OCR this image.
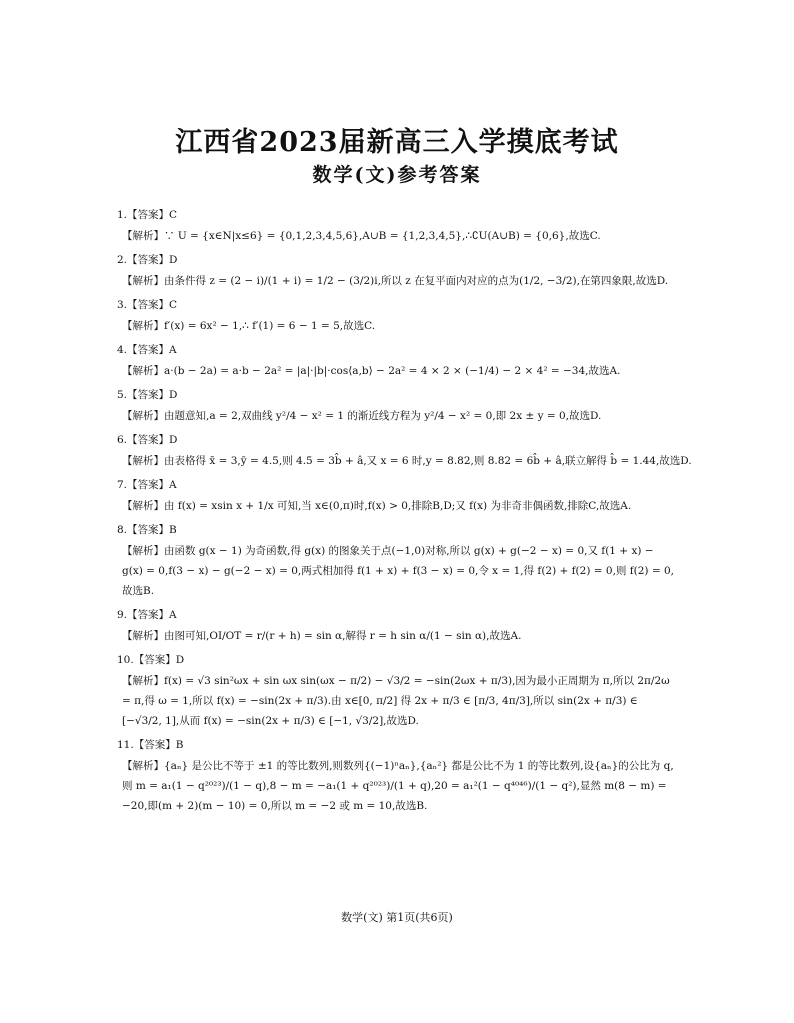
江西省2023届新高三入学摸底考试
数学(文)参考答案
1.【答案】C
【解析】∵ U = {x∈N|x≤6} = {0,1,2,3,4,5,6},A∪B = {1,2,3,4,5},∴∁U(A∪B) = {0,6},故选C.
2.【答案】D
【解析】由条件得 z = (2 − i)/(1 + i) = 1/2 − (3/2)i,所以 z 在复平面内对应的点为(1/2, −3/2),在第四象限,故选D.
3.【答案】C
【解析】f′(x) = 6x² − 1,∴ f′(1) = 6 − 1 = 5,故选C.
4.【答案】A
【解析】a·(b − 2a) = a·b − 2a² = |a|·|b|·cos⟨a,b⟩ − 2a² = 4 × 2 × (−1/4) − 2 × 4² = −34,故选A.
5.【答案】D
【解析】由题意知,a = 2,双曲线 y²/4 − x² = 1 的渐近线方程为 y²/4 − x² = 0,即 2x ± y = 0,故选D.
6.【答案】D
【解析】由表格得 x̄ = 3,ȳ = 4.5,则 4.5 = 3b̂ + â,又 x = 6 时,y = 8.82,则 8.82 = 6b̂ + â,联立解得 b̂ = 1.44,故选D.
7.【答案】A
【解析】由 f(x) = xsin x + 1/x 可知,当 x∈(0,π)时,f(x) > 0,排除B,D;又 f(x) 为非奇非偶函数,排除C,故选A.
8.【答案】B
【解析】由函数 g(x − 1) 为奇函数,得 g(x) 的图象关于点(−1,0)对称,所以 g(x) + g(−2 − x) = 0,又 f(1 + x) − g(x) = 0,f(3 − x) − g(−2 − x) = 0,两式相加得 f(1 + x) + f(3 − x) = 0,令 x = 1,得 f(2) + f(2) = 0,则 f(2) = 0,故选B.
9.【答案】A
【解析】由图可知,OI/OT = r/(r + h) = sin α,解得 r = h sin α/(1 − sin α),故选A.
10.【答案】D
【解析】f(x) = √3 sin²ωx + sin ωx sin(ωx − π/2) − √3/2 = −sin(2ωx + π/3),因为最小正周期为 π,所以 2π/2ω = π,得 ω = 1,所以 f(x) = −sin(2x + π/3).由 x∈[0, π/2] 得 2x + π/3 ∈ [π/3, 4π/3],所以 sin(2x + π/3) ∈ [−√3/2, 1],从而 f(x) = −sin(2x + π/3) ∈ [−1, √3/2],故选D.
11.【答案】B
【解析】{aₙ} 是公比不等于 ±1 的等比数列,则数列{(−1)ⁿaₙ},{aₙ²} 都是公比不为 1 的等比数列,设{aₙ}的公比为 q,则 m = a₁(1 − q²⁰²³)/(1 − q),8 − m = −a₁(1 + q²⁰²³)/(1 + q),20 = a₁²(1 − q⁴⁰⁴⁶)/(1 − q²),显然 m(8 − m) = −20,即(m + 2)(m − 10) = 0,所以 m = −2 或 m = 10,故选B.
数学(文) 第1页(共6页)
